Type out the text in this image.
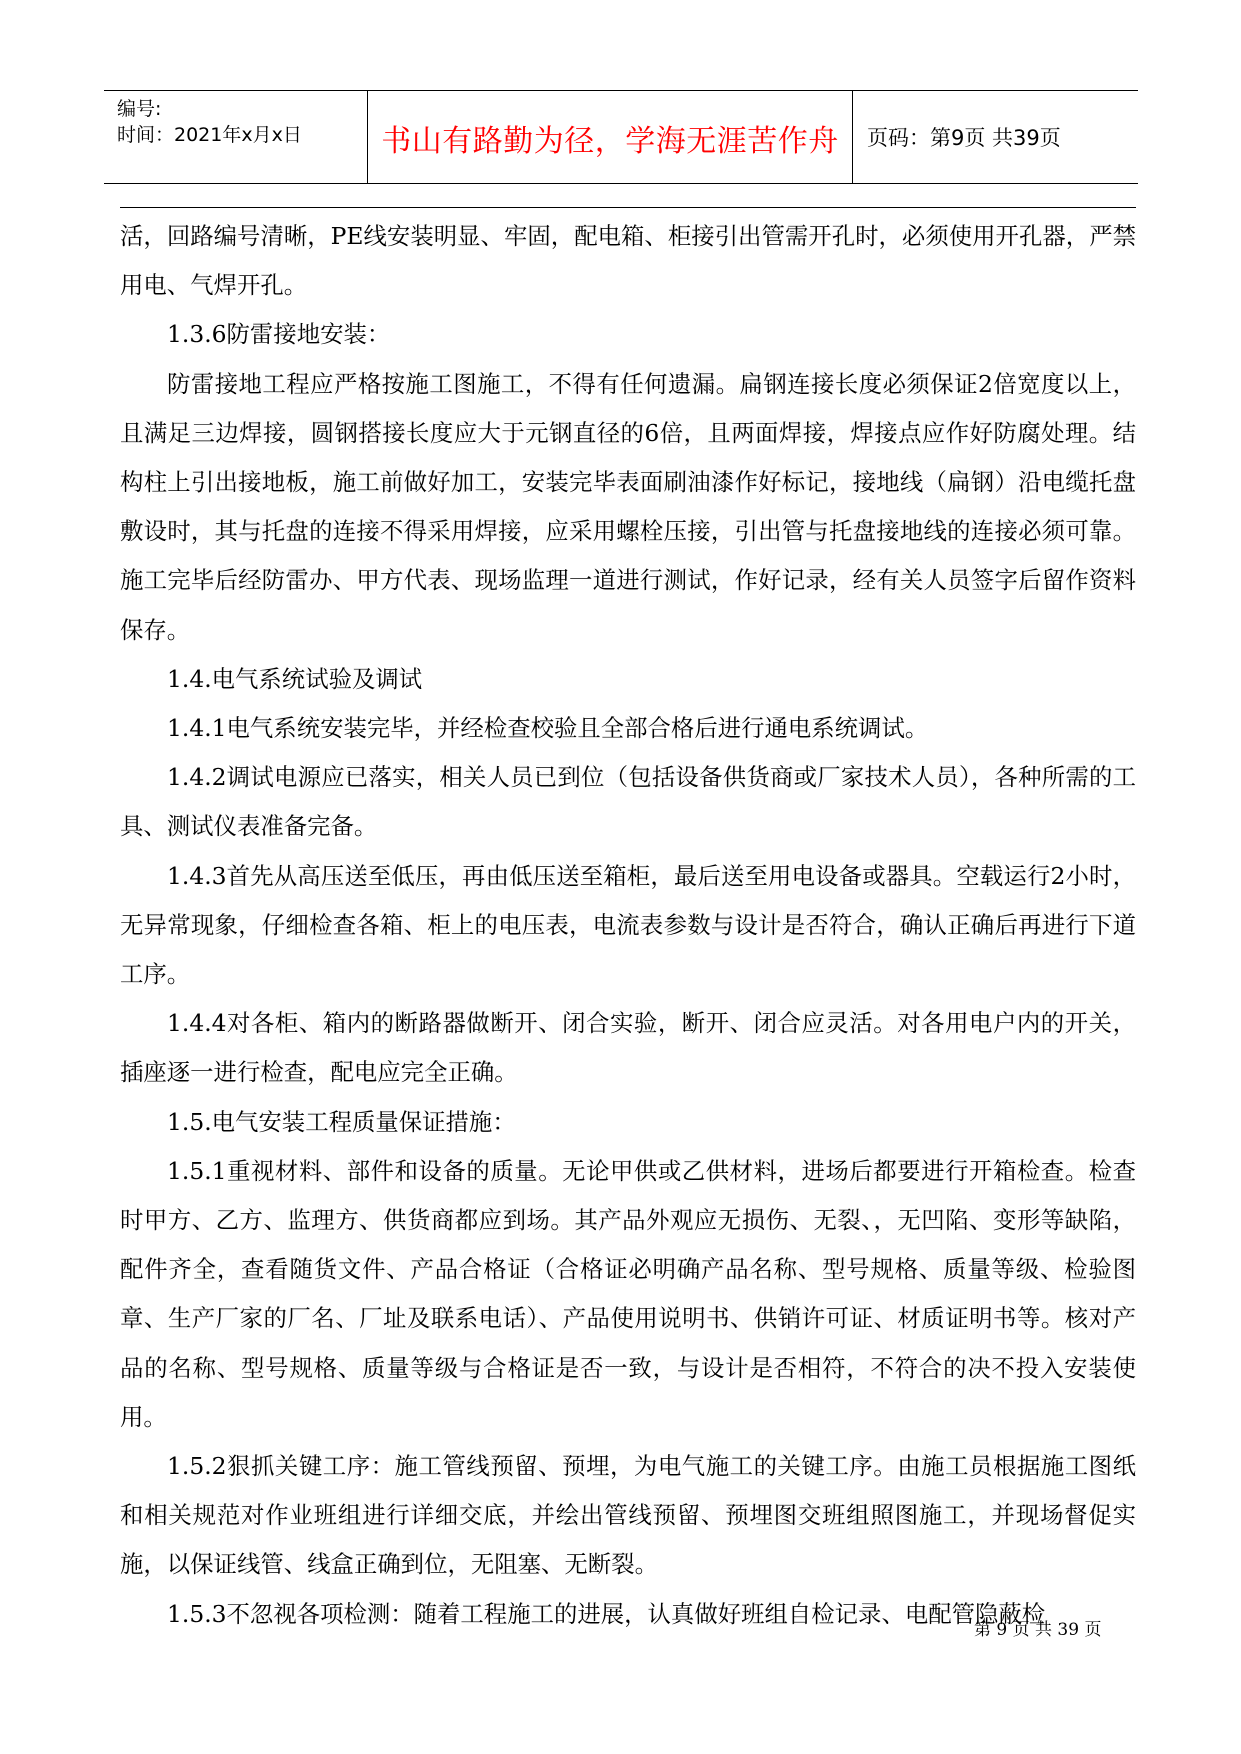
编号:
时间：2021年x月x日	书山有路勤为径，学海无涯苦作舟 页码：第9页 共39页

活，回路编号清晰，PE线安装明显、牢固，配电箱、柜接引出管需开孔时，必须使用开孔器，严禁用电、气焊开孔。

1.3.6防雷接地安装：

防雷接地工程应严格按施工图施工，不得有任何遗漏。扁钢连接长度必须保证2倍宽度以上，且满足三边焊接，圆钢搭接长度应大于元钢直径的6倍，且两面焊接，焊接点应作好防腐处理。结构柱上引出接地板，施工前做好加工，安装完毕表面刷油漆作好标记，接地线（扁钢）沿电缆托盘敷设时，其与托盘的连接不得采用焊接，应采用螺栓压接，引出管与托盘接地线的连接必须可靠。施工完毕后经防雷办、甲方代表、现场监理一道进行测试，作好记录，经有关人员签字后留作资料保存。

1.4.电气系统试验及调试

1.4.1电气系统安装完毕，并经检查校验且全部合格后进行通电系统调试。

1.4.2调试电源应已落实，相关人员已到位（包括设备供货商或厂家技术人员），各种所需的工具、测试仪表准备完备。

1.4.3首先从高压送至低压，再由低压送至箱柜，最后送至用电设备或器具。空载运行2小时，无异常现象，仔细检查各箱、柜上的电压表，电流表参数与设计是否符合，确认正确后再进行下道工序。

1.4.4对各柜、箱内的断路器做断开、闭合实验，断开、闭合应灵活。对各用电户内的开关，插座逐一进行检查，配电应完全正确。

1.5.电气安装工程质量保证措施：

1.5.1重视材料、部件和设备的质量。无论甲供或乙供材料，进场后都要进行开箱检查。检查时甲方、乙方、监理方、供货商都应到场。其产品外观应无损伤、无裂、，无凹陷、变形等缺陷，配件齐全，查看随货文件、产品合格证（合格证必明确产品名称、型号规格、质量等级、检验图章、生产厂家的厂名、厂址及联系电话）、产品使用说明书、供销许可证、材质证明书等。核对产品的名称、型号规格、质量等级与合格证是否一致，与设计是否相符，不符合的决不投入安装使用。

1.5.2狠抓关键工序：施工管线预留、预埋，为电气施工的关键工序。由施工员根据施工图纸和相关规范对作业班组进行详细交底，并绘出管线预留、预埋图交班组照图施工，并现场督促实施，以保证线管、线盒正确到位，无阻塞、无断裂。

1.5.3不忽视各项检测：随着工程施工的进展，认真做好班组自检记录、电配管隐蔽检

第 9 页 共 39 页
